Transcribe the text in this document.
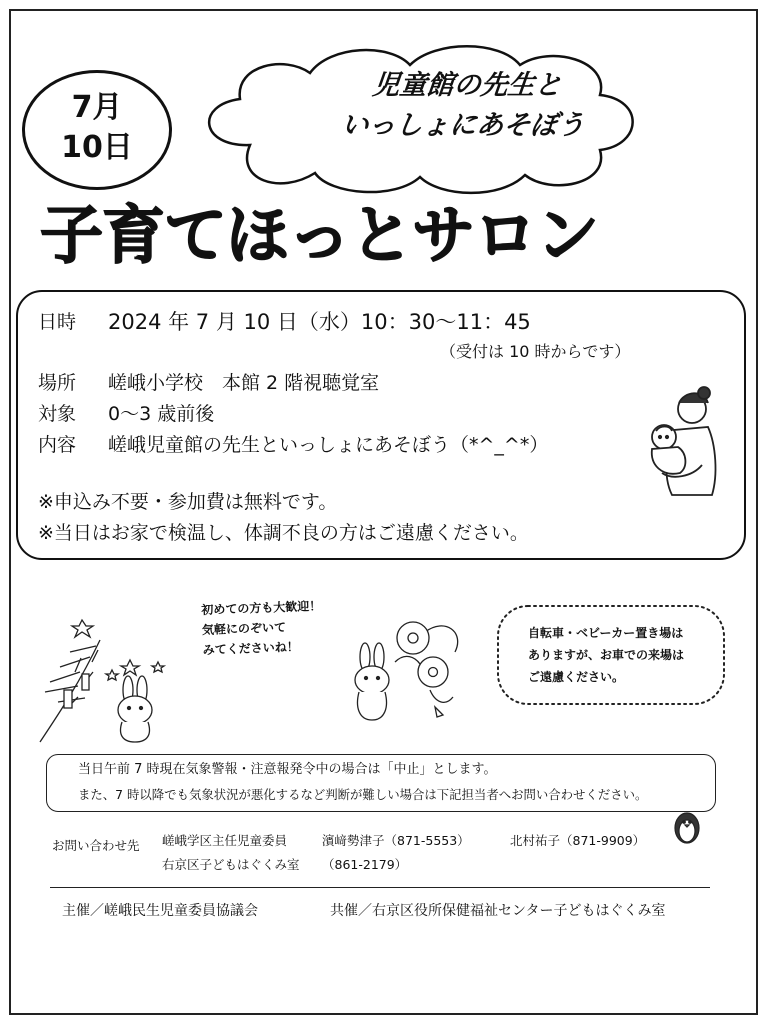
児童館の先生と
いっしょにあそぼう
7月
10日
子育てほっとサロン
日時 2024 年 7 月 10 日（水）10：30〜11：45
（受付は 10 時からです）
場所 嵯峨小学校　本館 2 階視聴覚室
対象 0〜3 歳前後
内容 嵯峨児童館の先生といっしょにあそぼう（*^_^*）
※申込み不要・参加費は無料です。
※当日はお家で検温し、体調不良の方はご遠慮ください。
初めての方も大歓迎！
気軽にのぞいて
みてくださいね！
自転車・ベビーカー置き場は
ありますが、お車での来場は
ご遠慮ください。
当日午前 7 時現在気象警報・注意報発令中の場合は「中止」とします。
また、7 時以降でも気象状況が悪化するなど判断が難しい場合は下記担当者へお問い合わせください。
お問い合わせ先 嵯峨学区主任児童委員	濱﨑勢津子（871-5553）	北村祐子（871-9909）
右京区子どもはぐくみ室 （861-2179）
主催／嵯峨民生児童委員協議会	共催／右京区役所保健福祉センター子どもはぐくみ室
